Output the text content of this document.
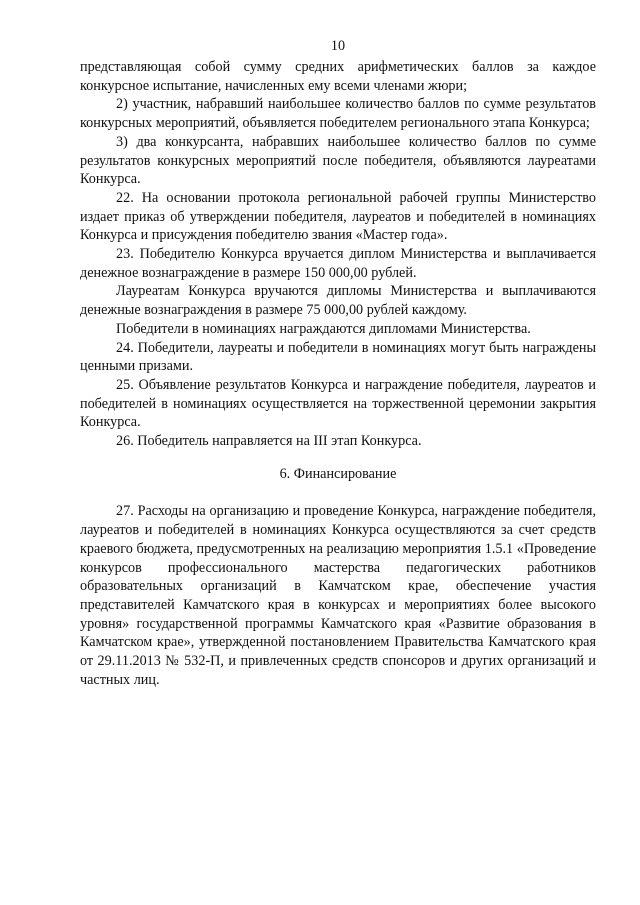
10

представляющая собой сумму средних арифметических баллов за каждое конкурсное испытание, начисленных ему всеми членами жюри;

2) участник, набравший наибольшее количество баллов по сумме результатов конкурсных мероприятий, объявляется победителем регионального этапа Конкурса;

3) два конкурсанта, набравших наибольшее количество баллов по сумме результатов конкурсных мероприятий после победителя, объявляются лауреатами Конкурса.

22. На основании протокола региональной рабочей группы Министерство издает приказ об утверждении победителя, лауреатов и победителей в номинациях Конкурса и присуждения победителю звания «Мастер года».

23. Победителю Конкурса вручается диплом Министерства и выплачивается денежное вознаграждение в размере 150 000,00 рублей.

Лауреатам Конкурса вручаются дипломы Министерства и выплачиваются денежные вознаграждения в размере 75 000,00 рублей каждому.

Победители в номинациях награждаются дипломами Министерства.

24. Победители, лауреаты и победители в номинациях могут быть награждены ценными призами.

25. Объявление результатов Конкурса и награждение победителя, лауреатов и победителей в номинациях осуществляется на торжественной церемонии закрытия Конкурса.

26. Победитель направляется на III этап Конкурса.

6. Финансирование

27. Расходы на организацию и проведение Конкурса, награждение победителя, лауреатов и победителей в номинациях Конкурса осуществляются за счет средств краевого бюджета, предусмотренных на реализацию мероприятия 1.5.1 «Проведение конкурсов профессионального мастерства педагогических работников образовательных организаций в Камчатском крае, обеспечение участия представителей Камчатского края в конкурсах и мероприятиях более высокого уровня» государственной программы Камчатского края «Развитие образования в Камчатском крае», утвержденной постановлением Правительства Камчатского края от 29.11.2013 № 532-П, и привлеченных средств спонсоров и других организаций и частных лиц.
